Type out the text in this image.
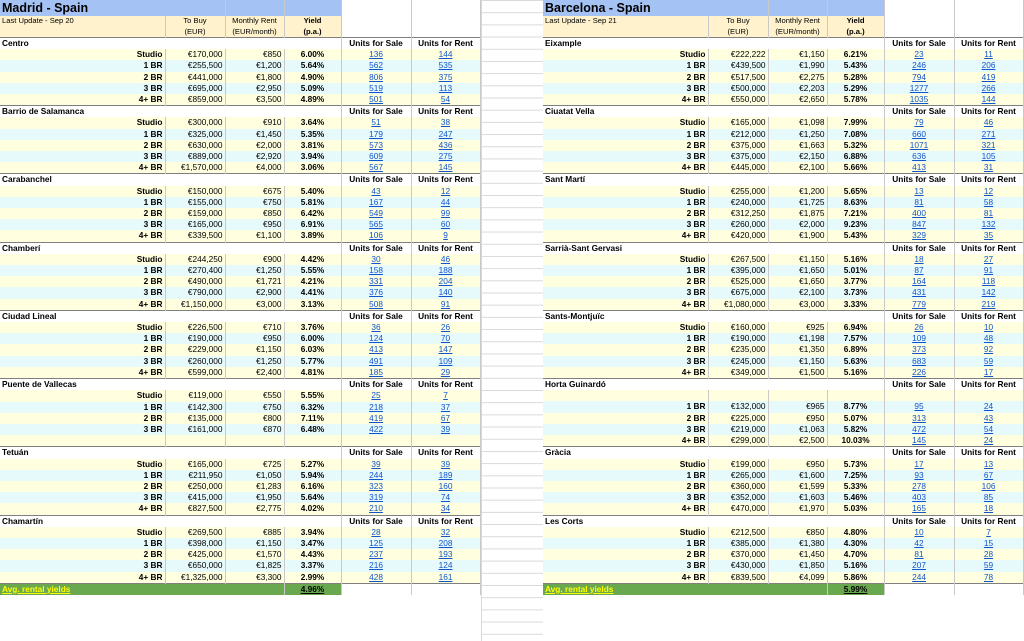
Madrid - Spain					
Last Update - Sep 20	To Buy	Monthly Rent	Yield		
	(EUR)	(EUR/month)	(p.a.)		
Centro				Units for Sale	Units for Rent
Studio	€170,000	€850	6.00%	136	144
1 BR	€255,500	€1,200	5.64%	562	535
2 BR	€441,000	€1,800	4.90%	806	375
3 BR	€695,000	€2,950	5.09%	519	113
4+ BR	€859,000	€3,500	4.89%	501	54
Barrio de Salamanca				Units for Sale	Units for Rent
Studio	€300,000	€910	3.64%	51	38
1 BR	€325,000	€1,450	5.35%	179	247
2 BR	€630,000	€2,000	3.81%	573	436
3 BR	€889,000	€2,920	3.94%	609	275
4+ BR	€1,570,000	€4,000	3.06%	567	145
Carabanchel				Units for Sale	Units for Rent
Studio	€150,000	€675	5.40%	43	12
1 BR	€155,000	€750	5.81%	167	44
2 BR	€159,000	€850	6.42%	549	99
3 BR	€165,000	€950	6.91%	565	60
4+ BR	€339,500	€1,100	3.89%	106	9
Chamberí				Units for Sale	Units for Rent
Studio	€244,250	€900	4.42%	30	46
1 BR	€270,400	€1,250	5.55%	158	188
2 BR	€490,000	€1,721	4.21%	331	204
3 BR	€790,000	€2,900	4.41%	376	140
4+ BR	€1,150,000	€3,000	3.13%	508	91
Ciudad Lineal				Units for Sale	Units for Rent
Studio	€226,500	€710	3.76%	36	26
1 BR	€190,000	€950	6.00%	124	70
2 BR	€229,000	€1,150	6.03%	413	147
3 BR	€260,000	€1,250	5.77%	491	109
4+ BR	€599,000	€2,400	4.81%	185	29
Puente de Vallecas				Units for Sale	Units for Rent
Studio	€119,000	€550	5.55%	25	7
1 BR	€142,300	€750	6.32%	218	37
2 BR	€135,000	€800	7.11%	419	67
3 BR	€161,000	€870	6.48%	422	39

Tetuán				Units for Sale	Units for Rent
Studio	€165,000	€725	5.27%	39	39
1 BR	€211,950	€1,050	5.94%	244	189
2 BR	€250,000	€1,283	6.16%	323	160
3 BR	€415,000	€1,950	5.64%	319	74
4+ BR	€827,500	€2,775	4.02%	210	34
Chamartín				Units for Sale	Units for Rent
Studio	€269,500	€885	3.94%	28	32
1 BR	€398,000	€1,150	3.47%	125	208
2 BR	€425,000	€1,570	4.43%	237	193
3 BR	€650,000	€1,825	3.37%	216	124
4+ BR	€1,325,000	€3,300	2.99%	428	161
Avg. rental yields			4.96%		
Barcelona - Spain					
Last Update - Sep 21	To Buy	Monthly Rent	Yield		
	(EUR)	(EUR/month)	(p.a.)		
Eixample				Units for Sale	Units for Rent
Studio	€222,222	€1,150	6.21%	23	11
1 BR	€439,500	€1,990	5.43%	246	206
2 BR	€517,500	€2,275	5.28%	794	419
3 BR	€500,000	€2,203	5.29%	1277	266
4+ BR	€550,000	€2,650	5.78%	1035	144
Ciuatat Vella				Units for Sale	Units for Rent
Studio	€165,000	€1,098	7.99%	79	46
1 BR	€212,000	€1,250	7.08%	660	271
2 BR	€375,000	€1,663	5.32%	1071	321
3 BR	€375,000	€2,150	6.88%	636	105
4+ BR	€445,000	€2,100	5.66%	413	31
Sant Martí				Units for Sale	Units for Rent
Studio	€255,000	€1,200	5.65%	13	12
1 BR	€240,000	€1,725	8.63%	81	58
2 BR	€312,250	€1,875	7.21%	400	81
3 BR	€260,000	€2,000	9.23%	847	132
4+ BR	€420,000	€1,900	5.43%	329	35
Sarrià-Sant Gervasi				Units for Sale	Units for Rent
Studio	€267,500	€1,150	5.16%	18	27
1 BR	€395,000	€1,650	5.01%	87	91
2 BR	€525,000	€1,650	3.77%	164	118
3 BR	€675,000	€2,100	3.73%	431	142
4+ BR	€1,080,000	€3,000	3.33%	779	219
Sants-Montjuïc				Units for Sale	Units for Rent
Studio	€160,000	€925	6.94%	26	10
1 BR	€190,000	€1,198	7.57%	109	48
2 BR	€235,000	€1,350	6.89%	373	92
3 BR	€245,000	€1,150	5.63%	683	59
4+ BR	€349,000	€1,500	5.16%	226	17
Horta Guinardó				Units for Sale	Units for Rent

1 BR	€132,000	€965	8.77%	95	24
2 BR	€225,000	€950	5.07%	313	43
3 BR	€219,000	€1,063	5.82%	472	54
4+ BR	€299,000	€2,500	10.03%	145	24
Gràcia				Units for Sale	Units for Rent
Studio	€199,000	€950	5.73%	17	13
1 BR	€265,000	€1,600	7.25%	93	67
2 BR	€360,000	€1,599	5.33%	278	106
3 BR	€352,000	€1,603	5.46%	403	85
4+ BR	€470,000	€1,970	5.03%	165	18
Les Corts				Units for Sale	Units for Rent
Studio	€212,500	€850	4.80%	10	7
1 BR	€385,000	€1,380	4.30%	42	15
2 BR	€370,000	€1,450	4.70%	81	28
3 BR	€430,000	€1,850	5.16%	207	59
4+ BR	€839,500	€4,099	5.86%	244	78
Avg. rental yields			5.99%		
